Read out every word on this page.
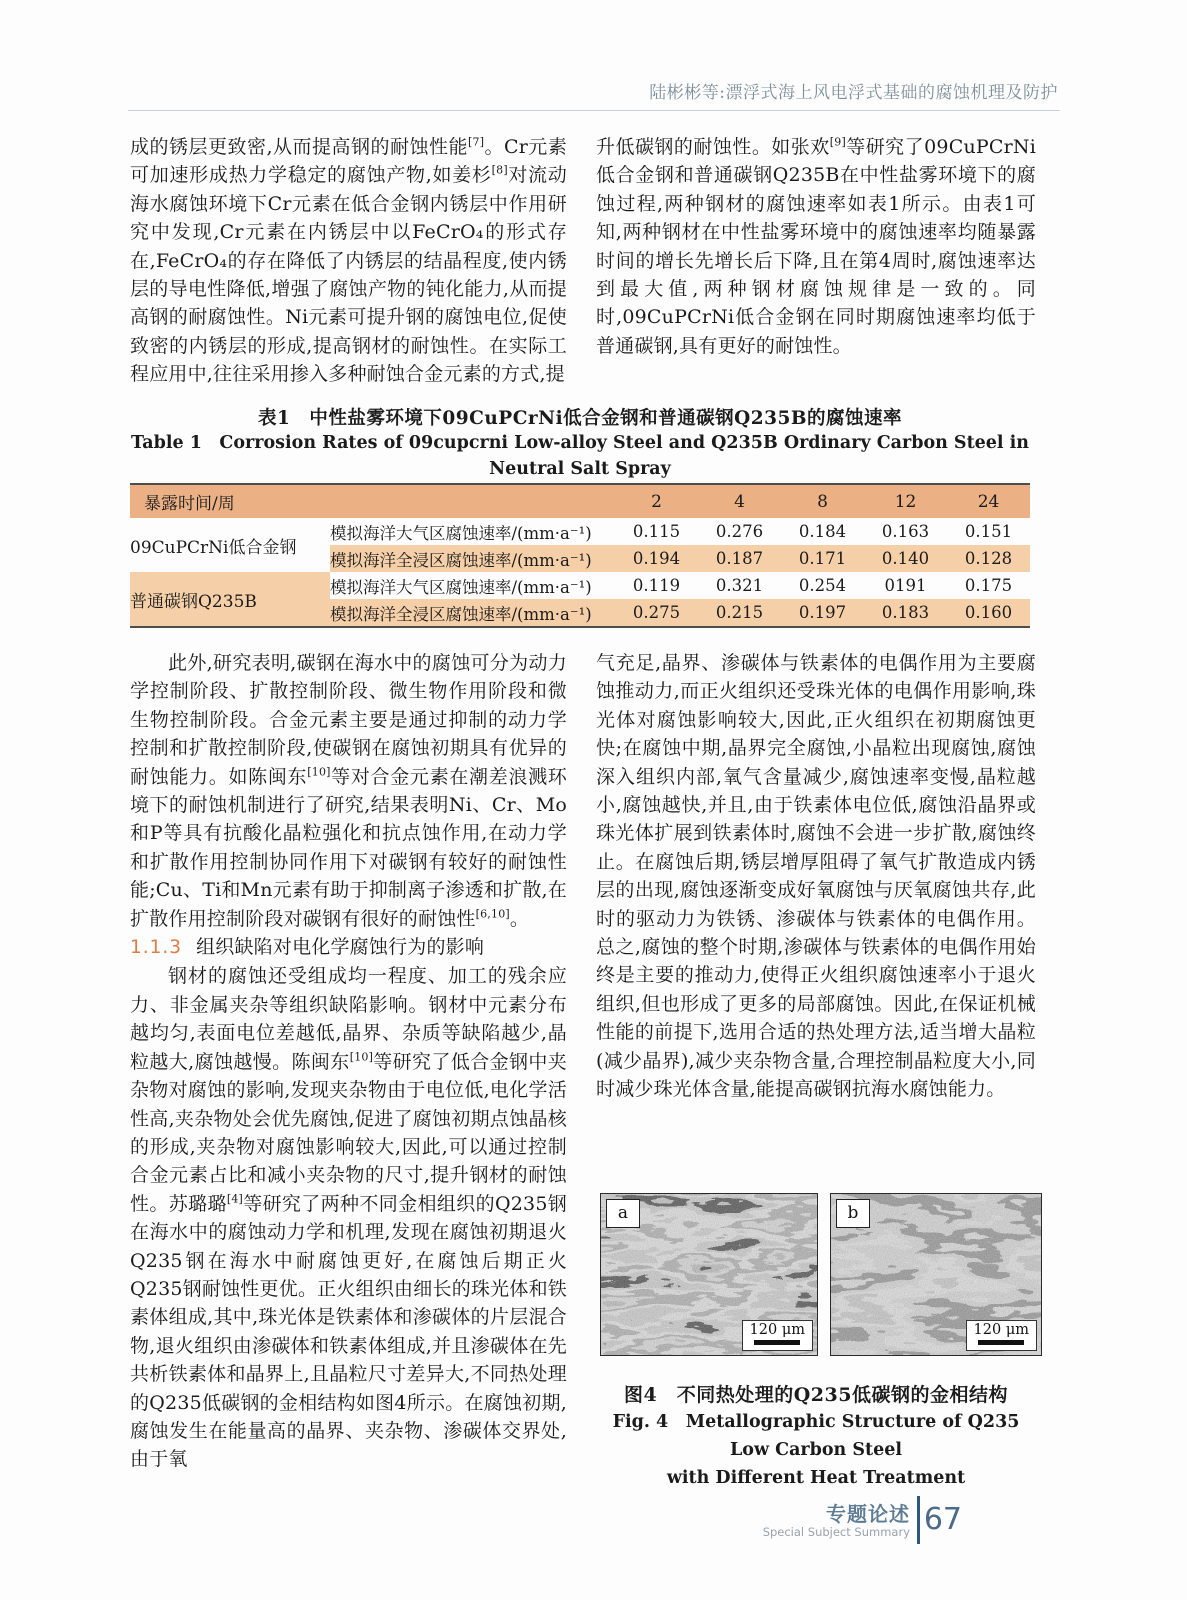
陆彬彬等:漂浮式海上风电浮式基础的腐蚀机理及防护

成的锈层更致密,从而提高钢的耐蚀性能[7]。Cr元素可加速形成热力学稳定的腐蚀产物,如姜杉[8]对流动海水腐蚀环境下Cr元素在低合金钢内锈层中作用研究中发现,Cr元素在内锈层中以FeCrO₄的形式存在,FeCrO₄的存在降低了内锈层的结晶程度,使内锈层的导电性降低,增强了腐蚀产物的钝化能力,从而提高钢的耐腐蚀性。Ni元素可提升钢的腐蚀电位,促使致密的内锈层的形成,提高钢材的耐蚀性。在实际工程应用中,往往采用掺入多种耐蚀合金元素的方式,提

升低碳钢的耐蚀性。如张欢[9]等研究了09CuPCrNi低合金钢和普通碳钢Q235B在中性盐雾环境下的腐蚀过程,两种钢材的腐蚀速率如表1所示。由表1可知,两种钢材在中性盐雾环境中的腐蚀速率均随暴露时间的增长先增长后下降,且在第4周时,腐蚀速率达到最大值,两种钢材腐蚀规律是一致的。同时,09CuPCrNi低合金钢在同时期腐蚀速率均低于普通碳钢,具有更好的耐蚀性。

表1　中性盐雾环境下09CuPCrNi低合金钢和普通碳钢Q235B的腐蚀速率
Table 1　Corrosion Rates of 09cupcrni Low-alloy Steel and Q235B Ordinary Carbon Steel in Neutral Salt Spray
暴露时间/周		2	4	8	12	24
09CuPCrNi低合金钢	模拟海洋大气区腐蚀速率/(mm·a⁻¹)	0.115	0.276	0.184	0.163	0.151
	模拟海洋全浸区腐蚀速率/(mm·a⁻¹)	0.194	0.187	0.171	0.140	0.128
普通碳钢Q235B	模拟海洋大气区腐蚀速率/(mm·a⁻¹)	0.119	0.321	0.254	0191	0.175
	模拟海洋全浸区腐蚀速率/(mm·a⁻¹)	0.275	0.215	0.197	0.183	0.160

此外,研究表明,碳钢在海水中的腐蚀可分为动力学控制阶段、扩散控制阶段、微生物作用阶段和微生物控制阶段。合金元素主要是通过抑制的动力学控制和扩散控制阶段,使碳钢在腐蚀初期具有优异的耐蚀能力。如陈闽东[10]等对合金元素在潮差浪溅环境下的耐蚀机制进行了研究,结果表明Ni、Cr、Mo和P等具有抗酸化晶粒强化和抗点蚀作用,在动力学和扩散作用控制协同作用下对碳钢有较好的耐蚀性能;Cu、Ti和Mn元素有助于抑制离子渗透和扩散,在扩散作用控制阶段对碳钢有很好的耐蚀性[6,10]。

1.1.3 组织缺陷对电化学腐蚀行为的影响

钢材的腐蚀还受组成均一程度、加工的残余应力、非金属夹杂等组织缺陷影响。钢材中元素分布越均匀,表面电位差越低,晶界、杂质等缺陷越少,晶粒越大,腐蚀越慢。陈闽东[10]等研究了低合金钢中夹杂物对腐蚀的影响,发现夹杂物由于电位低,电化学活性高,夹杂物处会优先腐蚀,促进了腐蚀初期点蚀晶核的形成,夹杂物对腐蚀影响较大,因此,可以通过控制合金元素占比和减小夹杂物的尺寸,提升钢材的耐蚀性。苏璐璐[4]等研究了两种不同金相组织的Q235钢在海水中的腐蚀动力学和机理,发现在腐蚀初期退火Q235钢在海水中耐腐蚀更好,在腐蚀后期正火Q235钢耐蚀性更优。正火组织由细长的珠光体和铁素体组成,其中,珠光体是铁素体和渗碳体的片层混合物,退火组织由渗碳体和铁素体组成,并且渗碳体在先共析铁素体和晶界上,且晶粒尺寸差异大,不同热处理的Q235低碳钢的金相结构如图4所示。在腐蚀初期,腐蚀发生在能量高的晶界、夹杂物、渗碳体交界处,由于氧

气充足,晶界、渗碳体与铁素体的电偶作用为主要腐蚀推动力,而正火组织还受珠光体的电偶作用影响,珠光体对腐蚀影响较大,因此,正火组织在初期腐蚀更快;在腐蚀中期,晶界完全腐蚀,小晶粒出现腐蚀,腐蚀深入组织内部,氧气含量减少,腐蚀速率变慢,晶粒越小,腐蚀越快,并且,由于铁素体电位低,腐蚀沿晶界或珠光体扩展到铁素体时,腐蚀不会进一步扩散,腐蚀终止。在腐蚀后期,锈层增厚阻碍了氧气扩散造成内锈层的出现,腐蚀逐渐变成好氧腐蚀与厌氧腐蚀共存,此时的驱动力为铁锈、渗碳体与铁素体的电偶作用。总之,腐蚀的整个时期,渗碳体与铁素体的电偶作用始终是主要的推动力,使得正火组织腐蚀速率小于退火组织,但也形成了更多的局部腐蚀。因此,在保证机械性能的前提下,选用合适的热处理方法,适当增大晶粒(减少晶界),减少夹杂物含量,合理控制晶粒度大小,同时减少珠光体含量,能提高碳钢抗海水腐蚀能力。

a
120 μm
b
120 μm
图4　不同热处理的Q235低碳钢的金相结构
Fig. 4　Metallographic Structure of Q235 Low Carbon Steel
with Different Heat Treatment
专题论述
Special Subject Summary 67
